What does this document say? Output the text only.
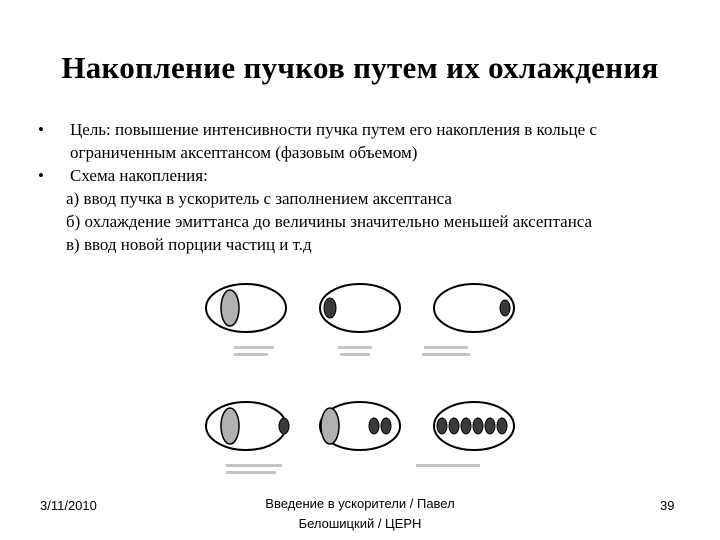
Накопление пучков путем их охлаждения
• Цель: повышение интенсивности пучка путем его накопления в кольце с ограниченным аксептансом (фазовым объемом)
• Схема накопления:
а) ввод пучка в ускоритель с заполнением аксептанса
б) охлаждение эмиттанса до величины значительно меньшей аксептанса
в) ввод новой порции частиц и т.д
3/11/2010	Введение в ускорители / Павел
Белошицкий / ЦЕРН
39
